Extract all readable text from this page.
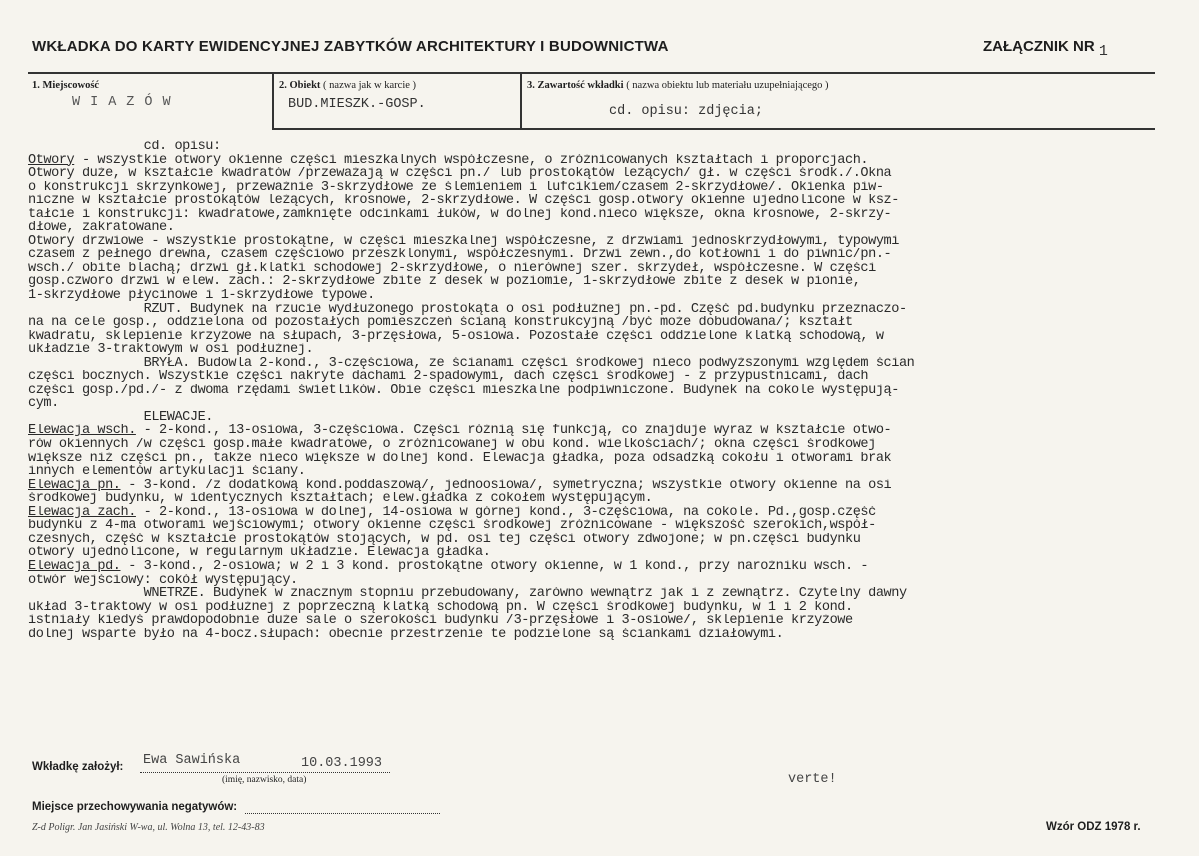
WKŁADKA DO KARTY EWIDENCYJNEJ ZABYTKÓW ARCHITEKTURY I BUDOWNICTWA	ZAŁĄCZNIK NR 1
1. Miejscowość
WIAZÓW
2. Obiekt ( nazwa jak w karcie )
BUD.MIESZK.-GOSP.
3. Zawartość wkładki ( nazwa obiektu lub materiału uzupełniającego )
cd. opisu: zdjęcia;
cd. opisu:
Otwory - wszystkie otwory okienne części mieszkalnych współczesne, o zróżnicowanych kształtach i proporcjach.
Otwory duże, w kształcie kwadratów /przeważają w części pn./ lub prostokątów leżących/ gł. w części środk./.Okna
o konstrukcji skrzynkowej, przeważnie 3-skrzydłowe ze ślemieniem i lufcikiem/czasem 2-skrzydłowe/. Okienka piw-
niczne w kształcie prostokątów leżących, krosnowe, 2-skrzydłowe. W części gosp.otwory okienne ujednolicone w ksz-
tałcie i konstrukcji: kwadratowe,zamknięte odcinkami łuków, w dolnej kond.nieco większe, okna krosnowe, 2-skrzy-
dłowe, zakratowane.
Otwory drzwiowe - wszystkie prostokątne, w części mieszkalnej współczesne, z drzwiami jednoskrzydłowymi, typowymi
czasem z pełnego drewna, czasem częściowo przeszklonymi, współczesnymi. Drzwi zewn.,do kotłowni i do piwnic/pn.-
wsch./ obite blachą; drzwi gł.klatki schodowej 2-skrzydłowe, o nierównej szer. skrzydeł, współczesne. W części
gosp.czworo drzwi w elew. zach.: 2-skrzydłowe zbite z desek w poziomie, 1-skrzydłowe zbite z desek w pionie,
1-skrzydłowe płycinowe i 1-skrzydłowe typowe.
RZUT. Budynek na rzucie wydłużonego prostokąta o osi podłużnej pn.-pd. Część pd.budynku przeznaczo-
na na cele gosp., oddzielona od pozostałych pomieszczeń ścianą konstrukcyjną /być może dobudowana/; kształt
kwadratu, sklepienie krzyżowe na słupach, 3-przęsłowa, 5-osiowa. Pozostałe części oddzielone klatką schodową, w
układzie 3-traktowym w osi podłużnej.
BRYŁA. Budowla 2-kond., 3-częściowa, ze ścianami części środkowej nieco podwyższonymi względem ścian
części bocznych. Wszystkie części nakryte dachami 2-spadowymi, dach części środkowej - z przypustnicami, dach
części gosp./pd./- z dwoma rzędami świetlików. Obie części mieszkalne podpiwniczone. Budynek na cokole występują-
cym.
ELEWACJE.
Elewacja wsch. - 2-kond., 13-osiowa, 3-częściowa. Części różnią się funkcją, co znajduje wyraz w kształcie otwo-
rów okiennych /w części gosp.małe kwadratowe, o zróżnicowanej w obu kond. wielkościach/; okna części środkowej
większe niż części pn., także nieco większe w dolnej kond. Elewacja gładka, poza odsadzką cokołu i otworami brak
innych elementów artykulacji ściany.
Elewacja pn. - 3-kond. /z dodatkową kond.poddaszową/, jednoosiowa/, symetryczna; wszystkie otwory okienne na osi
środkowej budynku, w identycznych kształtach; elew.gładka z cokołem występującym.
Elewacja zach. - 2-kond., 13-osiowa w dolnej, 14-osiowa w górnej kond., 3-częściowa, na cokole. Pd.,gosp.część
budynku z 4-ma otworami wejściowymi; otwory okienne części środkowej zróżnicowane - większość szerokich,współ-
czesnych, część w kształcie prostokątów stojących, w pd. osi tej części otwory zdwojone; w pn.części budynku
otwory ujednolicone, w regularnym układzie. Elewacja gładka.
Elewacja pd. - 3-kond., 2-osiowa; w 2 i 3 kond. prostokątne otwory okienne, w 1 kond., przy narożniku wsch. -
otwór wejściowy: cokół występujący.
WNETRZE. Budynek w znacznym stopniu przebudowany, zarówno wewnątrz jak i z zewnątrz. Czytelny dawny
układ 3-traktowy w osi podłużnej z poprzeczną klatką schodową pn. W części środkowej budynku, w 1 i 2 kond.
istniały kiedyś prawdopodobnie duże sale o szerokości budynku /3-przęsłowe i 3-osiowe/, sklepienie krzyżowe
dolnej wsparte było na 4-bocz.słupach: obecnie przestrzenie te podzielone są ściankami działowymi.
Wkładkę założył: Ewa Sawińska	10.03.1993
(imię, nazwisko, data)	verte!
Miejsce przechowywania negatywów:
Z-d Poligr. Jan Jasiński W-wa, ul. Wolna 13, tel. 12-43-83	Wzór ODZ 1978 r.
